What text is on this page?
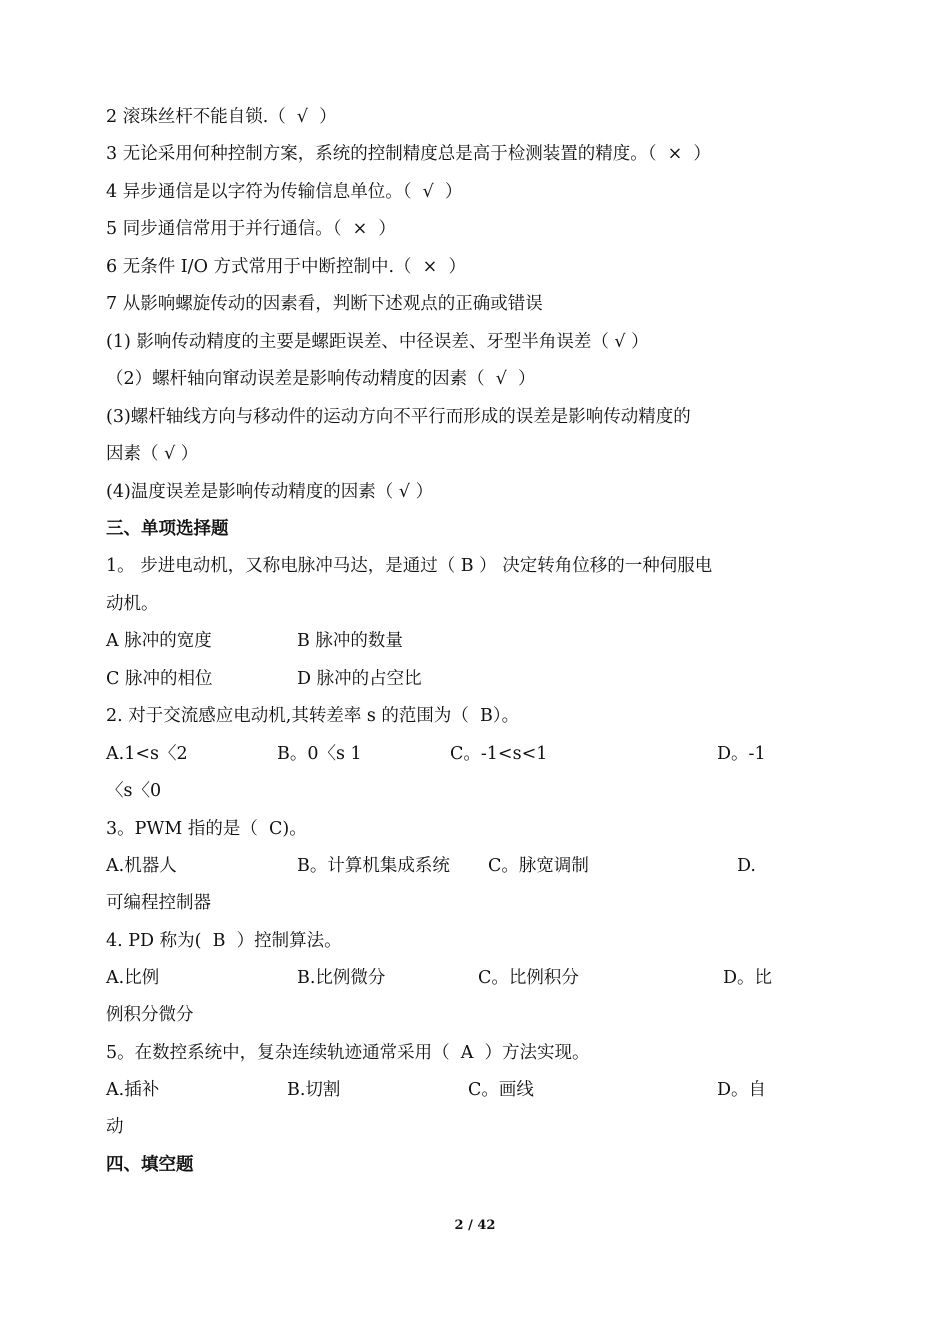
2 滚珠丝杆不能自锁.（  √  ）
3 无论采用何种控制方案，系统的控制精度总是高于检测装置的精度。（  ×  ）
4 异步通信是以字符为传输信息单位。（  √  ）
5 同步通信常用于并行通信。（  ×  ）
6 无条件 I/O 方式常用于中断控制中.（  ×  ）
7 从影响螺旋传动的因素看，判断下述观点的正确或错误
(1) 影响传动精度的主要是螺距误差、中径误差、牙型半角误差（ √ ）
（2）螺杆轴向窜动误差是影响传动精度的因素（  √  ）
(3)螺杆轴线方向与移动件的运动方向不平行而形成的误差是影响传动精度的
因素（ √ ）
(4)温度误差是影响传动精度的因素（ √ ）
三、单项选择题
1。 步进电动机，又称电脉冲马达，是通过（ B ） 决定转角位移的一种伺服电
动机。
A 脉冲的宽度	B 脉冲的数量
C 脉冲的相位	D 脉冲的占空比
2. 对于交流感应电动机,其转差率 s 的范围为（  B）。
A.1<s〈2	B。0〈s 1	C。-1<s<1	D。-1
〈s〈0
3。PWM 指的是（  C)。
A.机器人	B。计算机集成系统 C。脉宽调制	D.
可编程控制器
4. PD 称为(  B  ）控制算法。
A.比例	B.比例微分	C。比例积分	D。比
例积分微分
5。在数控系统中，复杂连续轨迹通常采用（  A  ）方法实现。
A.插补	B.切割	C。画线	D。自
动
四、填空题
2 / 42
